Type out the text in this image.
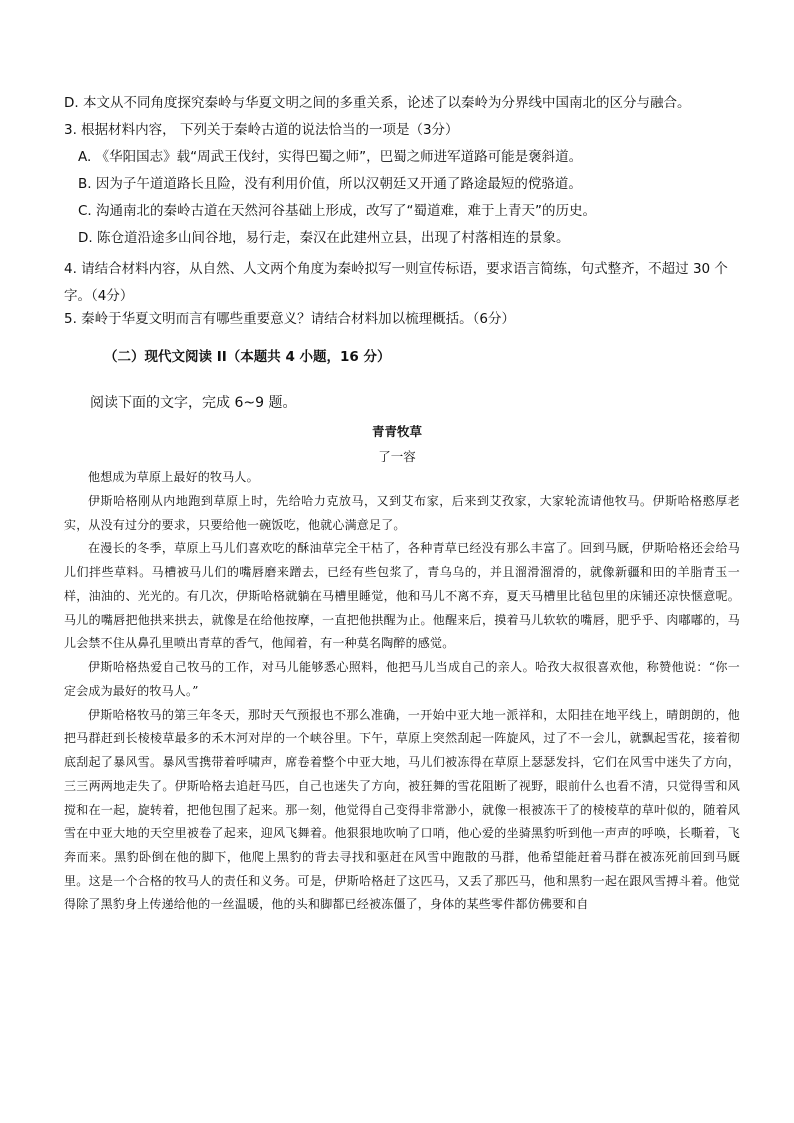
D. 本文从不同角度探究秦岭与华夏文明之间的多重关系，论述了以秦岭为分界线中国南北的区分与融合。
3. 根据材料内容， 下列关于秦岭古道的说法恰当的一项是（3分）
A. 《华阳国志》载“周武王伐纣，实得巴蜀之师”，巴蜀之师进军道路可能是褒斜道。
B. 因为子午道道路长且险，没有利用价值，所以汉朝廷又开通了路途最短的傥骆道。
C. 沟通南北的秦岭古道在天然河谷基础上形成，改写了“蜀道难，难于上青天”的历史。
D. 陈仓道沿途多山间谷地，易行走，秦汉在此建州立县，出现了村落相连的景象。
4. 请结合材料内容，从自然、人文两个角度为秦岭拟写一则宣传标语，要求语言简练，句式整齐，不超过 30 个字。（4分）
5. 秦岭于华夏文明而言有哪些重要意义？请结合材料加以梳理概括。（6分）
（二）现代文阅读 II（本题共 4 小题，16 分）
阅读下面的文字，完成 6~9 题。
青青牧草
了一容

他想成为草原上最好的牧马人。

伊斯哈格刚从内地跑到草原上时，先给哈力克放马，又到艾布家，后来到艾孜家，大家轮流请他牧马。伊斯哈格憨厚老实，从没有过分的要求，只要给他一碗饭吃，他就心满意足了。

在漫长的冬季，草原上马儿们喜欢吃的酥油草完全干枯了，各种青草已经没有那么丰富了。回到马厩，伊斯哈格还会给马儿们拌些草料。马槽被马儿们的嘴唇磨来蹭去，已经有些包浆了，青乌乌的，并且溜滑溜滑的，就像新疆和田的羊脂青玉一样，油油的、光光的。有几次，伊斯哈格就躺在马槽里睡觉，他和马儿不离不弃，夏天马槽里比毡包里的床铺还凉快惬意呢。马儿的嘴唇把他拱来拱去，就像是在给他按摩，一直把他拱醒为止。他醒来后，摸着马儿软软的嘴唇，肥乎乎、肉嘟嘟的，马儿会禁不住从鼻孔里喷出青草的香气，他闻着，有一种莫名陶醉的感觉。

伊斯哈格热爱自己牧马的工作，对马儿能够悉心照料，他把马儿当成自己的亲人。哈孜大叔很喜欢他，称赞他说：“你一定会成为最好的牧马人。”

伊斯哈格牧马的第三年冬天，那时天气预报也不那么准确，一开始中亚大地一派祥和，太阳挂在地平线上，晴朗朗的，他把马群赶到长棱棱草最多的禾木河对岸的一个峡谷里。下午，草原上突然刮起一阵旋风，过了不一会儿，就飘起雪花，接着彻底刮起了暴风雪。暴风雪携带着呼啸声，席卷着整个中亚大地，马儿们被冻得在草原上瑟瑟发抖，它们在风雪中迷失了方向，三三两两地走失了。伊斯哈格去追赶马匹，自己也迷失了方向，被狂舞的雪花阻断了视野，眼前什么也看不清，只觉得雪和风搅和在一起，旋转着，把他包围了起来。那一刻，他觉得自己变得非常渺小，就像一根被冻干了的棱棱草的草叶似的，随着风雪在中亚大地的天空里被卷了起来，迎风飞舞着。他狠狠地吹响了口哨，他心爱的坐骑黑豹听到他一声声的呼唤，长嘶着，飞奔而来。黑豹卧倒在他的脚下，他爬上黑豹的背去寻找和驱赶在风雪中跑散的马群，他希望能赶着马群在被冻死前回到马厩里。这是一个合格的牧马人的责任和义务。可是，伊斯哈格赶了这匹马，又丢了那匹马，他和黑豹一起在跟风雪搏斗着。他觉得除了黑豹身上传递给他的一丝温暖，他的头和脚都已经被冻僵了，身体的某些零件都仿佛要和自
